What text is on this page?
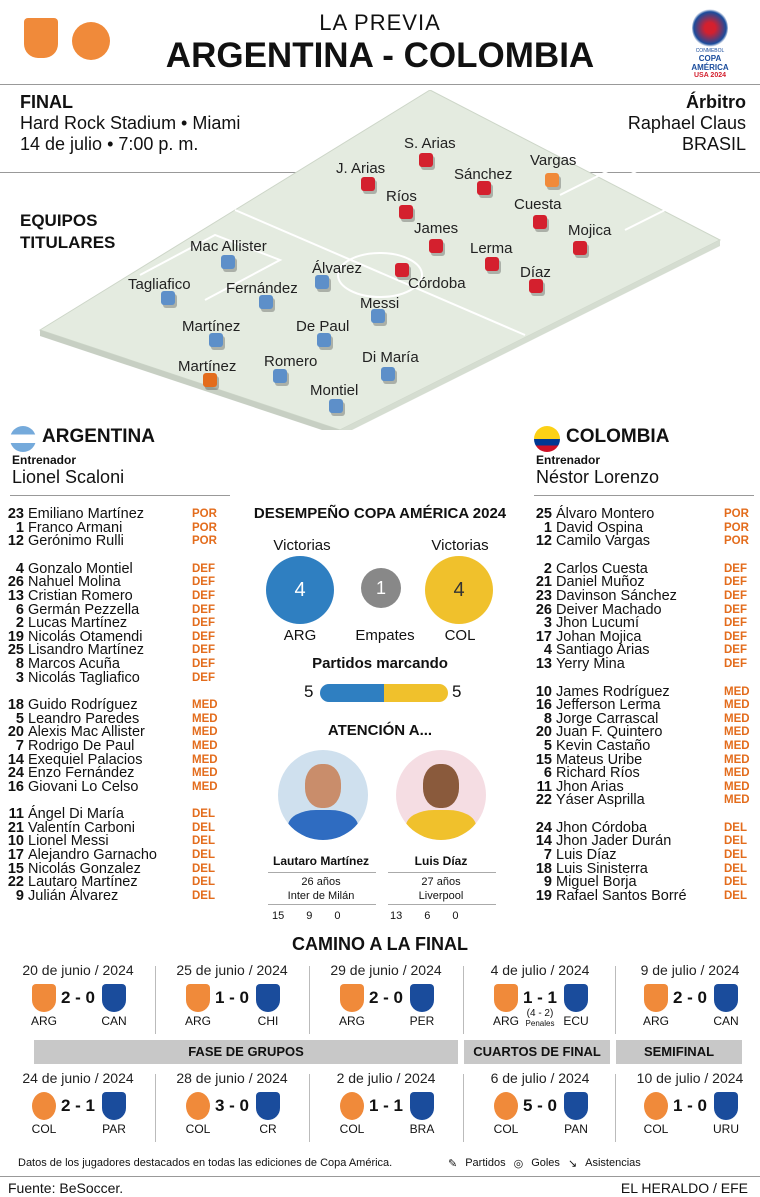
LA PREVIA
ARGENTINA - COLOMBIA	CONMEBOL
COPA AMÉRICA
USA 2024
FINAL
Hard Rock Stadium • Miami
14 de julio • 7:00 p. m.
Árbitro
Raphael Claus
BRASIL
EQUIPOS
TITULARES	Mac Allister
Tagliafico Fernández
Álvarez
Messi
Martínez	De Paul
Martínez Romero	Di María
Montiel
S. Arias
J. Arias	Vargas
Sánchez
Ríos	Cuesta
James	Mojica
Lerma
Córdoba
Díaz
ARGENTINA
Entrenador
Lionel Scaloni
COLOMBIA
Entrenador
Néstor Lorenzo
23 Emiliano Martínez	POR
1 Franco Armani	POR
12 Gerónimo Rulli	POR
4 Gonzalo Montiel	DEF
26 Nahuel Molina	DEF
13 Cristian Romero	DEF
6 Germán Pezzella	DEF
2 Lucas Martínez	DEF
19 Nicolás Otamendi	DEF
25 Lisandro Martínez	DEF
8 Marcos Acuña	DEF
3 Nicolás Tagliafico	DEF
18 Guido Rodríguez	MED
5 Leandro Paredes	MED
20 Alexis Mac Allister	MED
7 Rodrigo De Paul	MED
14 Exequiel Palacios	MED
24 Enzo Fernández	MED
16 Giovani Lo Celso	MED
11 Ángel Di María	DEL
21 Valentín Carboni	DEL
10 Lionel Messi	DEL
17 Alejandro Garnacho	DEL
15 Nicolás Gonzalez	DEL
22 Lautaro Martínez	DEL
9 Julián Álvarez	DEL
25 Álvaro Montero	POR
1 David Ospina	POR
12 Camilo Vargas	POR
2 Carlos Cuesta	DEF
21 Daniel Muñoz	DEF
23 Davinson Sánchez	DEF
26 Deiver Machado	DEF
3 Jhon Lucumí	DEF
17 Johan Mojica	DEF
4 Santiago Arias	DEF
13 Yerry Mina	DEF
10 James Rodríguez	MED
16 Jefferson Lerma	MED
8 Jorge Carrascal	MED
20 Juan F. Quintero	MED
5 Kevin Castaño	MED
15 Mateus Uribe	MED
6 Richard Ríos	MED
11 Jhon Arias	MED
22 Yáser Asprilla	MED
24 Jhon Córdoba	DEL
14 Jhon Jader Durán	DEL
7 Luis Díaz	DEL
18 Luis Sinisterra	DEL
9 Miguel Borja	DEL
19 Rafael Santos Borré	DEL
DESEMPEÑO COPA AMÉRICA 2024
Victorias	Victorias
4	1	4
ARG	Empates	COL
Partidos marcando
5	5
ATENCIÓN A...
Lautaro Martínez	Luis Díaz
26 años
Inter de Milán
27 años
Liverpool
15 9 0	13 6 0
CAMINO A LA FINAL
20 de junio / 2024
2 - 0
ARG	CAN
25 de junio / 2024
1 - 0
ARG	CHI
29 de junio / 2024
2 - 0
ARG	PER
4 de julio / 2024
1 - 1
ARG	ECU
(4 - 2)
Penales
9 de julio / 2024
2 - 0
ARG	CAN
24 de junio / 2024
2 - 1
COL	PAR
28 de junio / 2024
3 - 0
COL	CR
2 de julio / 2024
1 - 1
COL	BRA
6 de julio / 2024
5 - 0
COL	PAN
10 de julio / 2024
1 - 0
COL	URU
FASE DE GRUPOS	CUARTOS DE FINAL	SEMIFINAL
Datos de los jugadores destacados en todas las ediciones de Copa América.	✎ Partidos ◎ Goles ↘ Asistencias
Fuente: BeSoccer.	EL HERALDO / EFE
